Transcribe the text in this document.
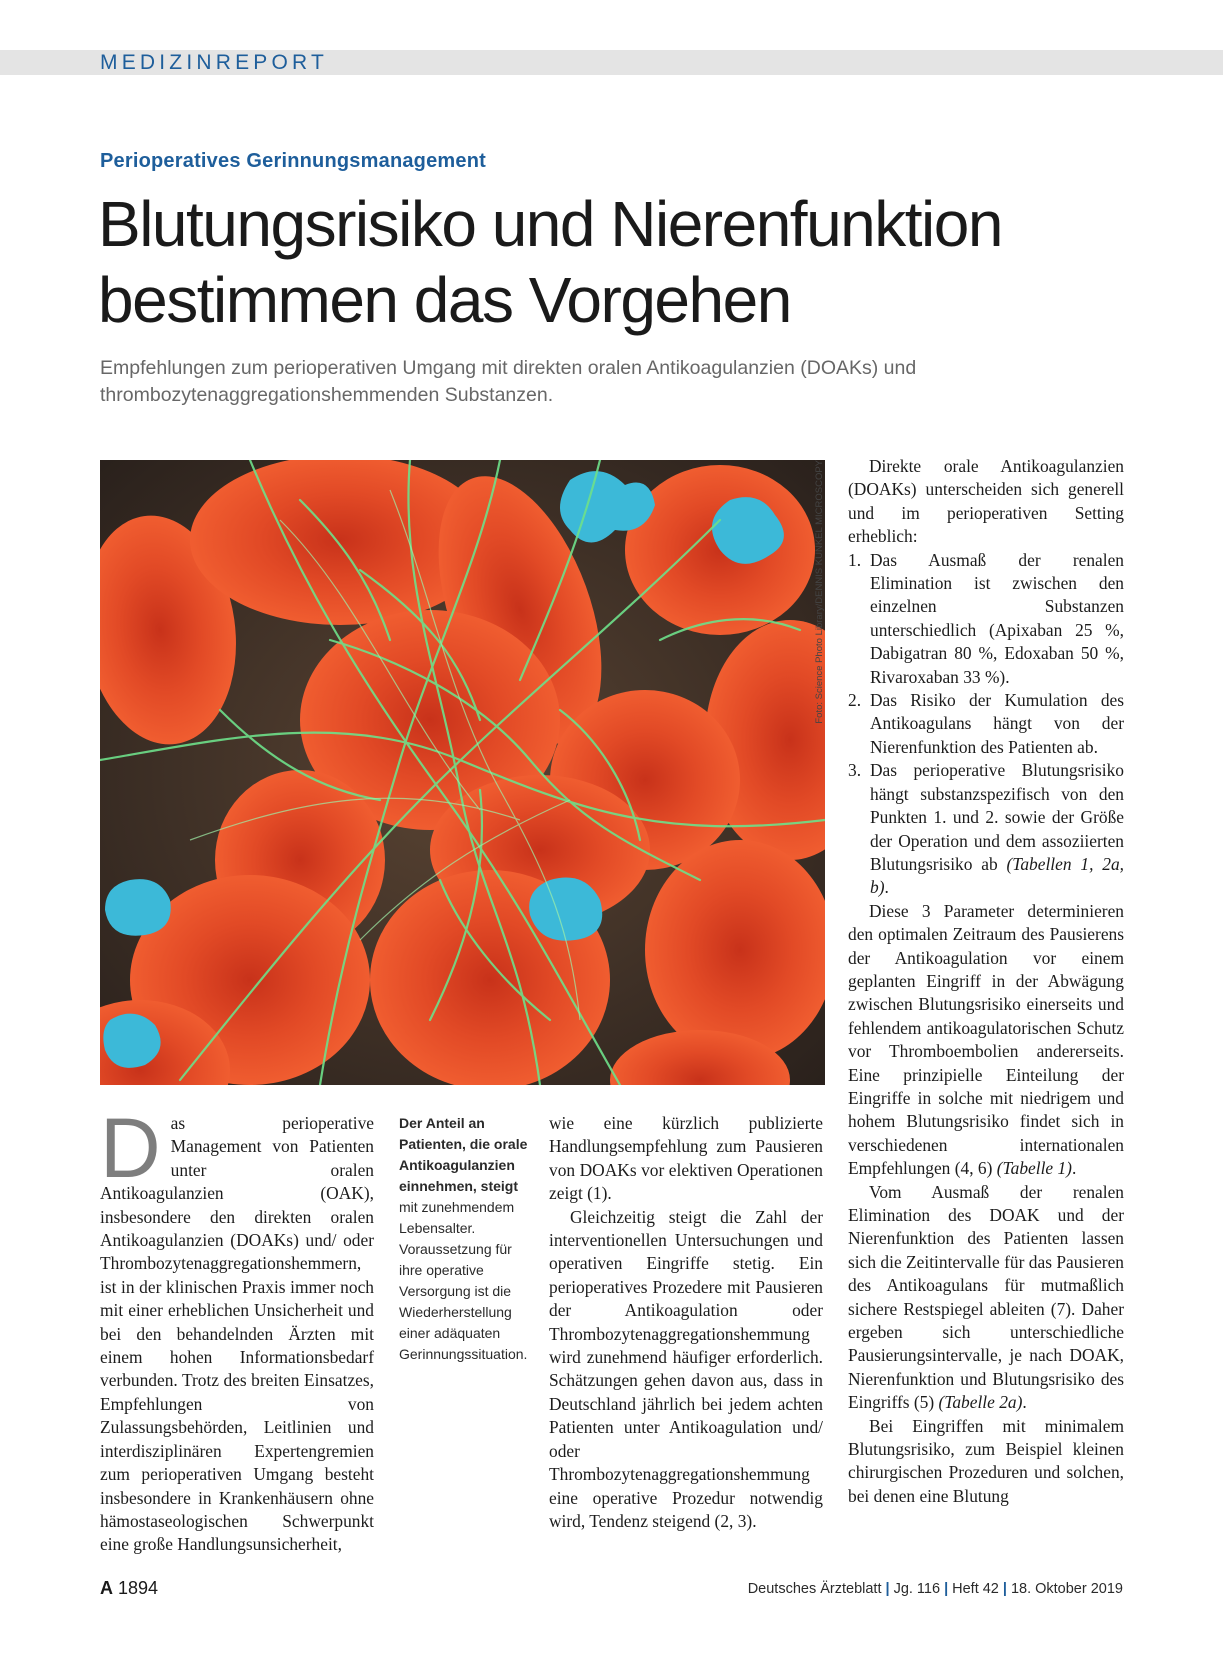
MEDIZINREPORT
Perioperatives Gerinnungsmanagement
Blutungsrisiko und Nierenfunktion
bestimmen das Vorgehen
Empfehlungen zum perioperativen Umgang mit direkten oralen Antikoagulanzien (DOAKs) und thrombozytenaggregationshemmenden Substanzen.
Foto: Science Photo Library/DENNIS KUNKEL MICROSCOPY

Das perioperative Management von Patienten unter oralen Antikoagulanzien (OAK), insbesondere den direkten oralen Antikoagulanzien (DOAKs) und/ oder Thrombozytenaggregationshemmern, ist in der klinischen Praxis immer noch mit einer erheblichen Unsicherheit und bei den behandelnden Ärzten mit einem hohen Informationsbedarf verbunden. Trotz des breiten Einsatzes, Empfehlungen von Zulassungsbehörden, Leitlinien und interdisziplinären Expertengremien zum perioperativen Umgang besteht insbesondere in Krankenhäusern ohne hämostaseologischen Schwerpunkt eine große Handlungsunsicherheit,

Der Anteil an Patienten, die orale Antikoagulanzien einnehmen, steigt mit zunehmendem Lebensalter. Voraussetzung für ihre operative Versorgung ist die Wiederherstellung einer adäquaten Gerinnungssituation.

wie eine kürzlich publizierte Handlungsempfehlung zum Pausieren von DOAKs vor elektiven Operationen zeigt (1).

Gleichzeitig steigt die Zahl der interventionellen Untersuchungen und operativen Eingriffe stetig. Ein perioperatives Prozedere mit Pausieren der Antikoagulation oder Thrombozytenaggregationshemmung wird zunehmend häufiger erforderlich. Schätzungen gehen davon aus, dass in Deutschland jährlich bei jedem achten Patienten unter Antikoagulation und/ oder Thrombozytenaggregationshemmung eine operative Prozedur notwendig wird, Tendenz steigend (2, 3).

Direkte orale Antikoagulanzien (DOAKs) unterscheiden sich generell und im perioperativen Setting erheblich:

1. Das Ausmaß der renalen Elimination ist zwischen den einzelnen Substanzen unterschiedlich (Apixaban 25 %, Dabigatran 80 %, Edoxaban 50 %, Rivaroxaban 33 %).
2. Das Risiko der Kumulation des Antikoagulans hängt von der Nierenfunktion des Patienten ab.
3. Das perioperative Blutungsrisiko hängt substanzspezifisch von den Punkten 1. und 2. sowie der Größe der Operation und dem assoziierten Blutungsrisiko ab (Tabellen 1, 2a, b).

Diese 3 Parameter determinieren den optimalen Zeitraum des Pausierens der Antikoagulation vor einem geplanten Eingriff in der Abwägung zwischen Blutungsrisiko einerseits und fehlendem antikoagulatorischen Schutz vor Thromboembolien andererseits. Eine prinzipielle Einteilung der Eingriffe in solche mit niedrigem und hohem Blutungsrisiko findet sich in verschiedenen internationalen Empfehlungen (4, 6) (Tabelle 1).

Vom Ausmaß der renalen Elimination des DOAK und der Nierenfunktion des Patienten lassen sich die Zeitintervalle für das Pausieren des Antikoagulans für mutmaßlich sichere Restspiegel ableiten (7). Daher ergeben sich unterschiedliche Pausierungsintervalle, je nach DOAK, Nierenfunktion und Blutungsrisiko des Eingriffs (5) (Tabelle 2a).

Bei Eingriffen mit minimalem Blutungsrisiko, zum Beispiel kleinen chirurgischen Prozeduren und solchen, bei denen eine Blutung

A 1894	Deutsches Ärzteblatt | Jg. 116 | Heft 42 | 18. Oktober 2019
